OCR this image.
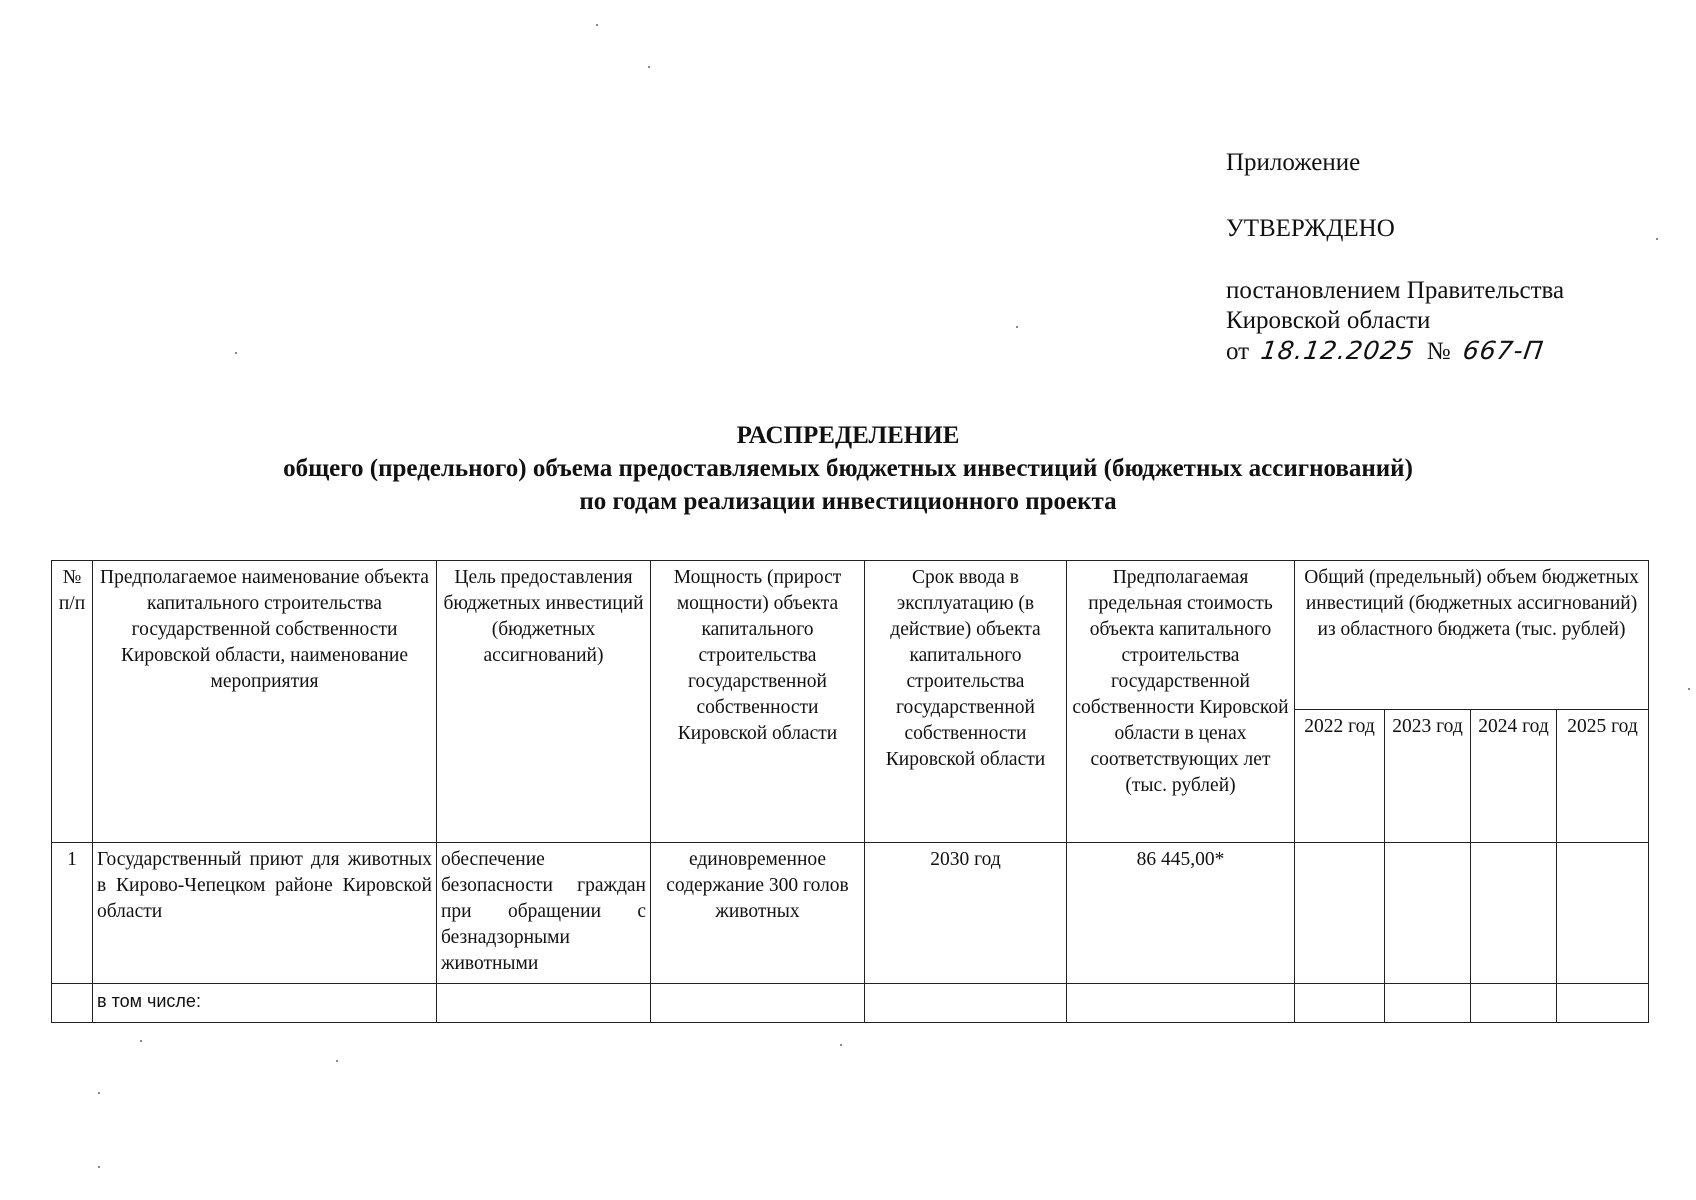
Приложение
УТВЕРЖДЕНО
постановлением Правительства
Кировской области
от 18.12.2025 № 667-П
РАСПРЕДЕЛЕНИЕ
общего (предельного) объема предоставляемых бюджетных инвестиций (бюджетных ассигнований)
по годам реализации инвестиционного проекта
№ п/п	Предполагаемое наименование объекта капитального строительства государственной собственности Кировской области, наименование мероприятия	Цель предоставления бюджетных инвестиций (бюджетных ассигнований)	Мощность (прирост мощности) объекта капитального строительства государственной собственности Кировской области	Срок ввода в эксплуатацию (в действие) объекта капитального строительства государственной собственности Кировской области	Предполагаемая предельная стоимость объекта капитального строительства государственной собственности Кировской области в ценах соответствующих лет (тыс. рублей)	Общий (предельный) объем бюджетных инвестиций (бюджетных ассигнований) из областного бюджета (тыс. рублей)			
						2022 год	2023 год	2024 год	2025 год
1	Государственный приют для животных в Кирово-Чепецком районе Кировской области	обеспечение безопасности граждан при обращении с безнадзорными животными	единовременное содержание 300 голов животных	2030 год	86 445,00*				
	в том числе:								
